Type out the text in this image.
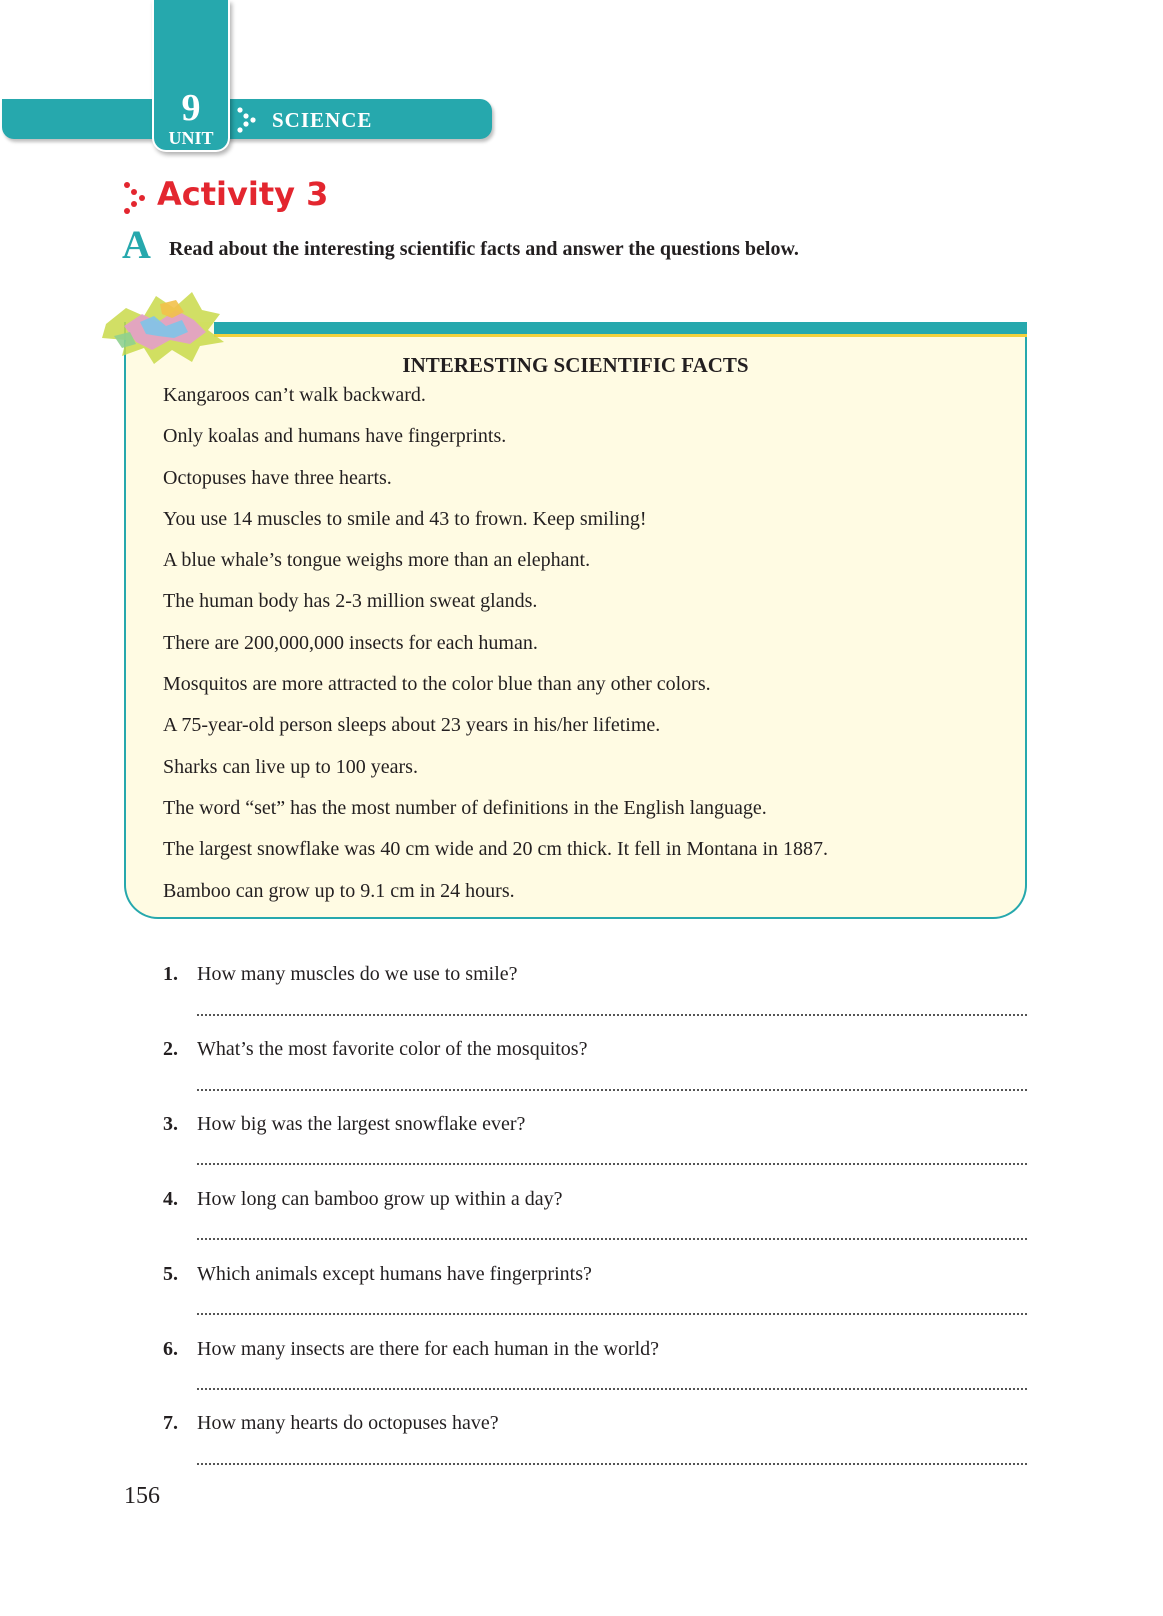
9
UNIT
SCIENCE
Activity 3
A Read about the interesting scientific facts and answer the questions below.
INTERESTING SCIENTIFIC FACTS
Kangaroos can’t walk backward.
Only koalas and humans have fingerprints.
Octopuses have three hearts.
You use 14 muscles to smile and 43 to frown. Keep smiling!
A blue whale’s tongue weighs more than an elephant.
The human body has 2-3 million sweat glands.
There are 200,000,000 insects for each human.
Mosquitos are more attracted to the color blue than any other colors.
A 75-year-old person sleeps about 23 years in his/her lifetime.
Sharks can live up to 100 years.
The word “set” has the most number of definitions in the English language.
The largest snowflake was 40 cm wide and 20 cm thick. It fell in Montana in 1887.
Bamboo can grow up to 9.1 cm in 24 hours.
1. How many muscles do we use to smile?
2. What’s the most favorite color of the mosquitos?
3. How big was the largest snowflake ever?
4. How long can bamboo grow up within a day?
5. Which animals except humans have fingerprints?
6. How many insects are there for each human in the world?
7. How many hearts do octopuses have?
156
